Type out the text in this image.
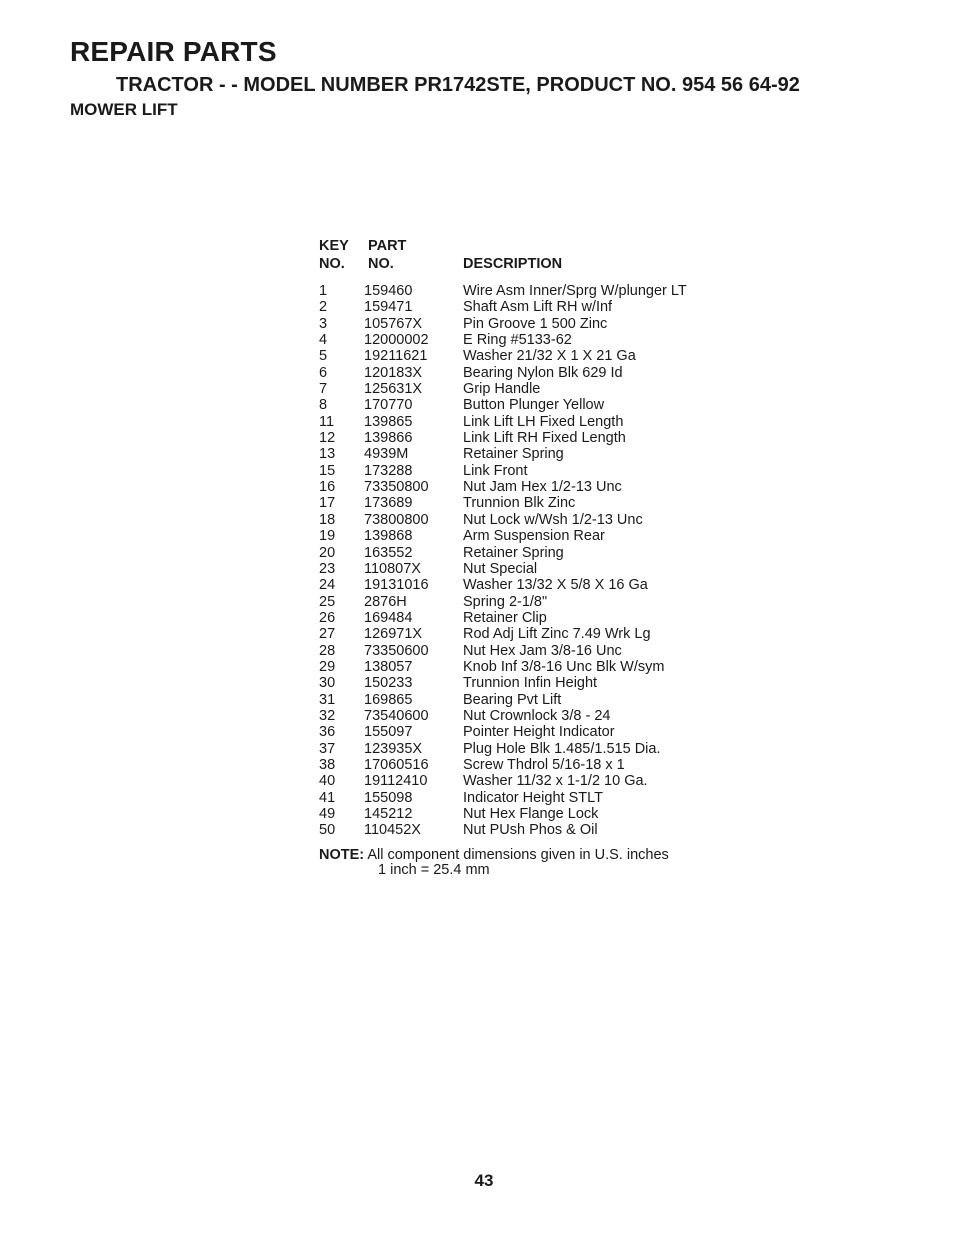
REPAIR PARTS
TRACTOR - - MODEL NUMBER PR1742STE, PRODUCT NO. 954 56 64-92
MOWER LIFT
KEY PART
NO. NO.	DESCRIPTION
1	159460	Wire Asm Inner/Sprg W/plunger LT
2	159471	Shaft Asm Lift RH w/Inf
3	105767X	Pin Groove 1 500 Zinc
4	12000002 E Ring #5133-62
5	19211621 Washer 21/32 X 1 X 21 Ga
6	120183X	Bearing Nylon Blk 629 Id
7	125631X	Grip Handle
8	170770	Button Plunger Yellow
11 139865	Link Lift LH Fixed Length
12 139866	Link Lift RH Fixed Length
13 4939M	Retainer Spring
15 173288	Link Front
16 73350800 Nut Jam Hex 1/2-13 Unc
17 173689	Trunnion Blk Zinc
18 73800800 Nut Lock w/Wsh 1/2-13 Unc
19 139868	Arm Suspension Rear
20 163552	Retainer Spring
23 110807X	Nut Special
24 19131016 Washer 13/32 X 5/8 X 16 Ga
25 2876H	Spring 2-1/8"
26 169484	Retainer Clip
27 126971X	Rod Adj Lift Zinc 7.49 Wrk Lg
28 73350600 Nut Hex Jam 3/8-16 Unc
29 138057	Knob Inf 3/8-16 Unc Blk W/sym
30 150233	Trunnion Infin Height
31 169865	Bearing Pvt Lift
32 73540600 Nut Crownlock 3/8 - 24
36 155097	Pointer Height Indicator
37 123935X	Plug Hole Blk 1.485/1.515 Dia.
38 17060516 Screw Thdrol 5/16-18 x 1
40 19112410 Washer 11/32 x 1-1/2 10 Ga.
41 155098	Indicator Height STLT
49 145212	Nut Hex Flange Lock
50 110452X	Nut PUsh Phos & Oil
NOTE: All component dimensions given in U.S. inches
1 inch = 25.4 mm
43
